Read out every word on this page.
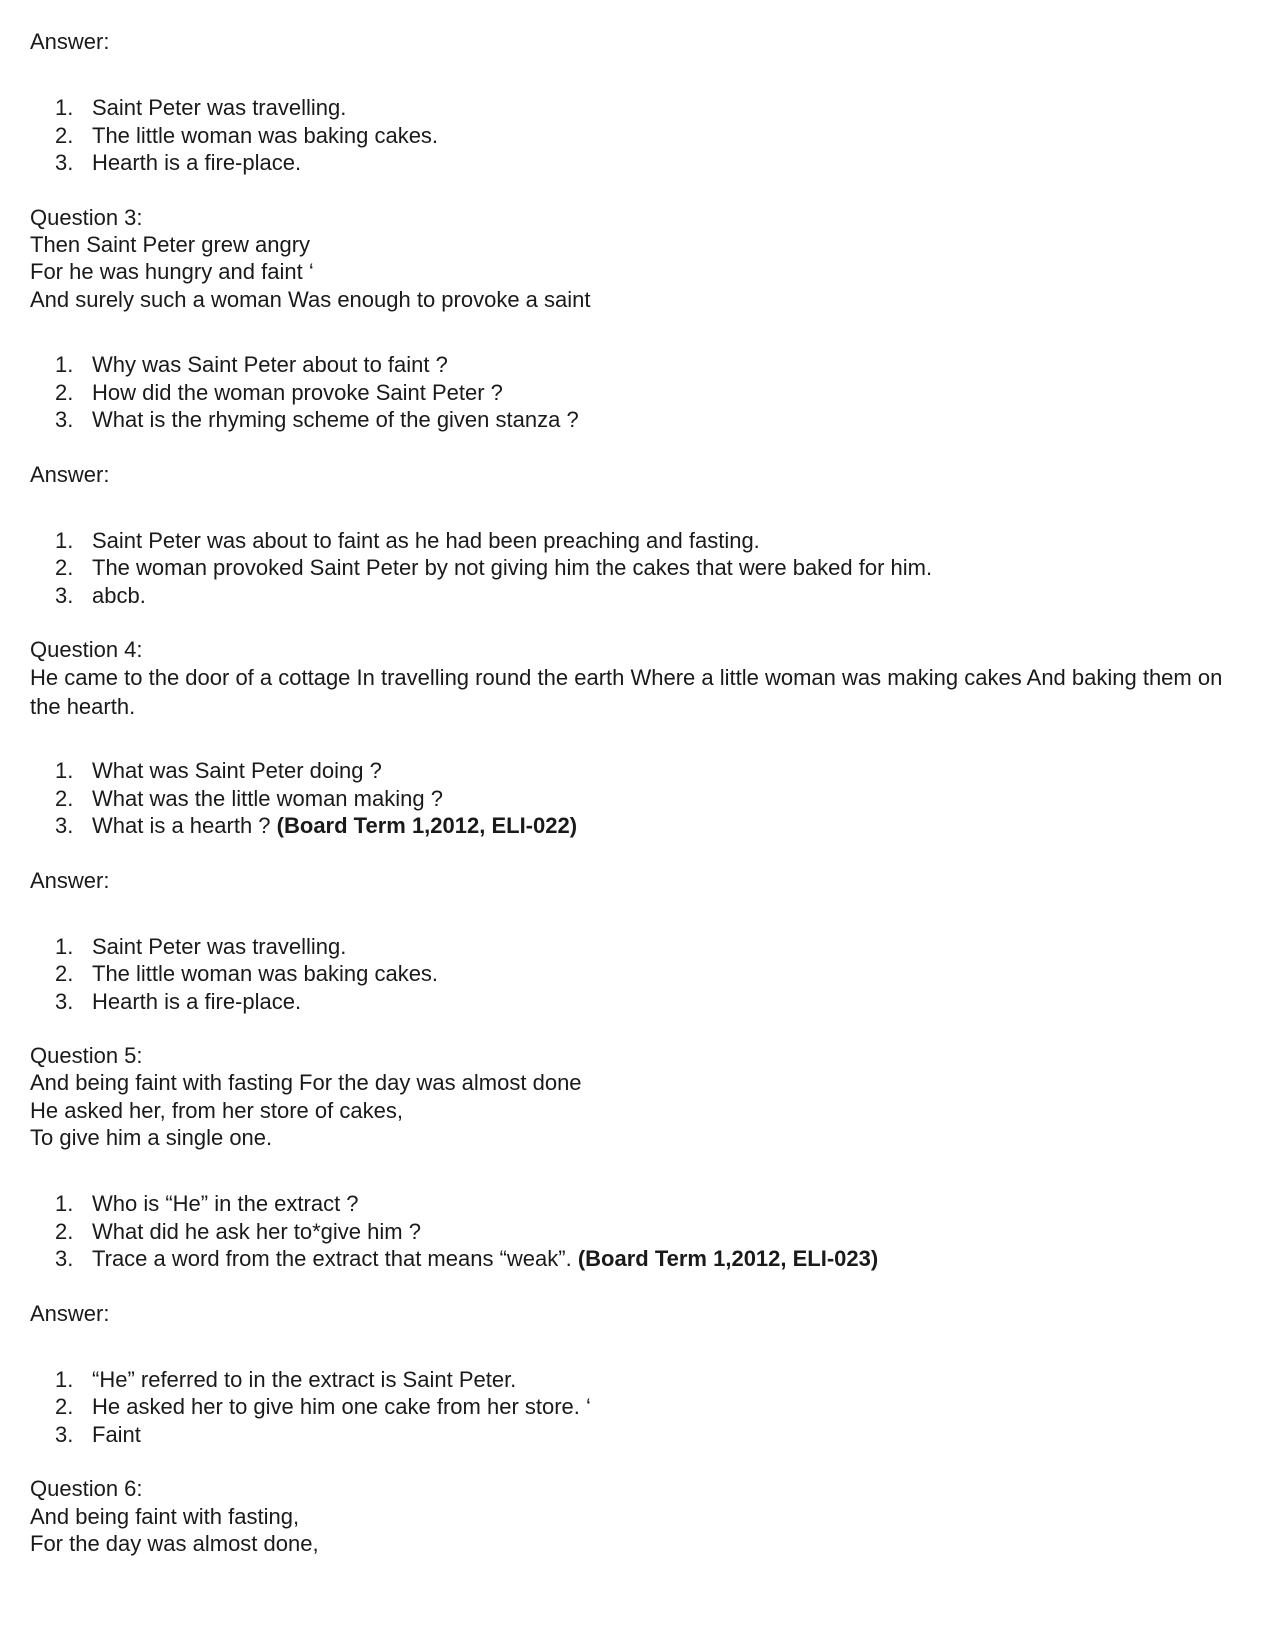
Answer:
1. Saint Peter was travelling.
2. The little woman was baking cakes.
3. Hearth is a fire-place.
Question 3:
Then Saint Peter grew angry
For he was hungry and faint ‘
And surely such a woman Was enough to provoke a saint
1. Why was Saint Peter about to faint ?
2. How did the woman provoke Saint Peter ?
3. What is the rhyming scheme of the given stanza ?
Answer:
1. Saint Peter was about to faint as he had been preaching and fasting.
2. The woman provoked Saint Peter by not giving him the cakes that were baked for him.
3. abcb.
Question 4:
He came to the door of a cottage In travelling round the earth Where a little woman was making cakes And baking them on the hearth.
1. What was Saint Peter doing ?
2. What was the little woman making ?
3. What is a hearth ? (Board Term 1,2012, ELI-022)
Answer:
1. Saint Peter was travelling.
2. The little woman was baking cakes.
3. Hearth is a fire-place.
Question 5:
And being faint with fasting For the day was almost done
He asked her, from her store of cakes,
To give him a single one.
1. Who is “He” in the extract ?
2. What did he ask her to*give him ?
3. Trace a word from the extract that means “weak”. (Board Term 1,2012, ELI-023)
Answer:
1. “He” referred to in the extract is Saint Peter.
2. He asked her to give him one cake from her store. ‘
3. Faint
Question 6:
And being faint with fasting,
For the day was almost done,
